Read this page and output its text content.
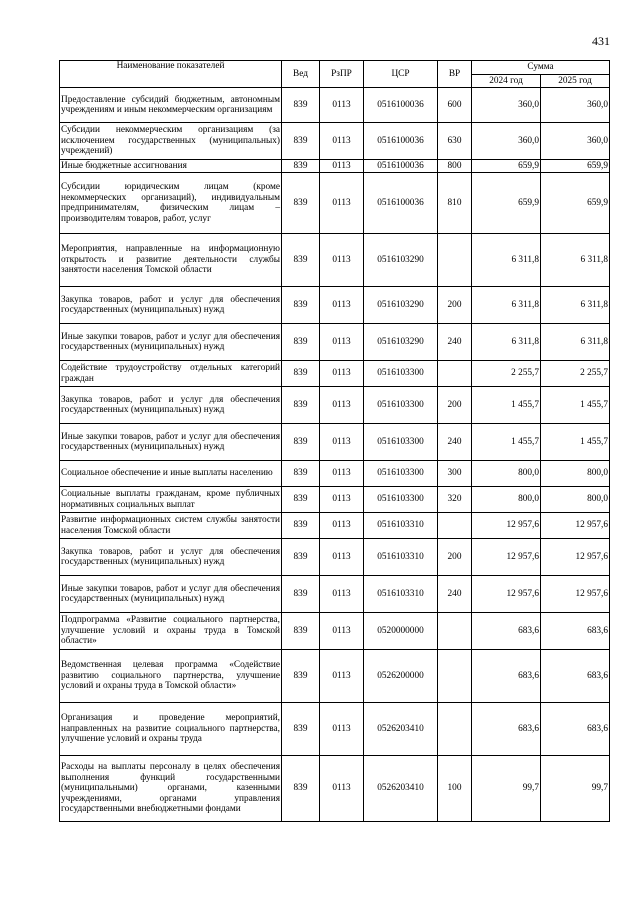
431
Наименование показателей	Вед	РзПР	ЦСР	ВР	Сумма	
					2024 год	2025 год
Предоставление субсидий бюджетным, автономным учреждениям и иным некоммерческим организациям	839	0113	0516100036	600	360,0	360,0
Субсидии некоммерческим организациям (за исключением государственных (муниципальных) учреждений)	839	0113	0516100036	630	360,0	360,0
Иные бюджетные ассигнования	839	0113	0516100036	800	659,9	659,9
Субсидии юридическим лицам (кроме некоммерческих организаций), индивидуальным предпринимателям, физическим лицам – производителям товаров, работ, услуг	839	0113	0516100036	810	659,9	659,9
Мероприятия, направленные на информационную открытость и развитие деятельности службы занятости населения Томской области	839	0113	0516103290		6 311,8	6 311,8
Закупка товаров, работ и услуг для обеспечения государственных (муниципальных) нужд	839	0113	0516103290	200	6 311,8	6 311,8
Иные закупки товаров, работ и услуг для обеспечения государственных (муниципальных) нужд	839	0113	0516103290	240	6 311,8	6 311,8
Содействие трудоустройству отдельных категорий граждан	839	0113	0516103300		2 255,7	2 255,7
Закупка товаров, работ и услуг для обеспечения государственных (муниципальных) нужд	839	0113	0516103300	200	1 455,7	1 455,7
Иные закупки товаров, работ и услуг для обеспечения государственных (муниципальных) нужд	839	0113	0516103300	240	1 455,7	1 455,7
Социальное обеспечение и иные выплаты населению	839	0113	0516103300	300	800,0	800,0
Социальные выплаты гражданам, кроме публичных нормативных социальных выплат	839	0113	0516103300	320	800,0	800,0
Развитие информационных систем службы занятости населения Томской области	839	0113	0516103310		12 957,6	12 957,6
Закупка товаров, работ и услуг для обеспечения государственных (муниципальных) нужд	839	0113	0516103310	200	12 957,6	12 957,6
Иные закупки товаров, работ и услуг для обеспечения государственных (муниципальных) нужд	839	0113	0516103310	240	12 957,6	12 957,6
Подпрограмма «Развитие социального партнерства, улучшение условий и охраны труда в Томской области»	839	0113	0520000000		683,6	683,6
Ведомственная целевая программа «Содействие развитию социального партнерства, улучшение условий и охраны труда в Томской области»	839	0113	0526200000		683,6	683,6
Организация и проведение мероприятий, направленных на развитие социального партнерства, улучшение условий и охраны труда	839	0113	0526203410		683,6	683,6
Расходы на выплаты персоналу в целях обеспечения выполнения функций государственными (муниципальными) органами, казенными учреждениями, органами управления государственными внебюджетными фондами	839	0113	0526203410	100	99,7	99,7
